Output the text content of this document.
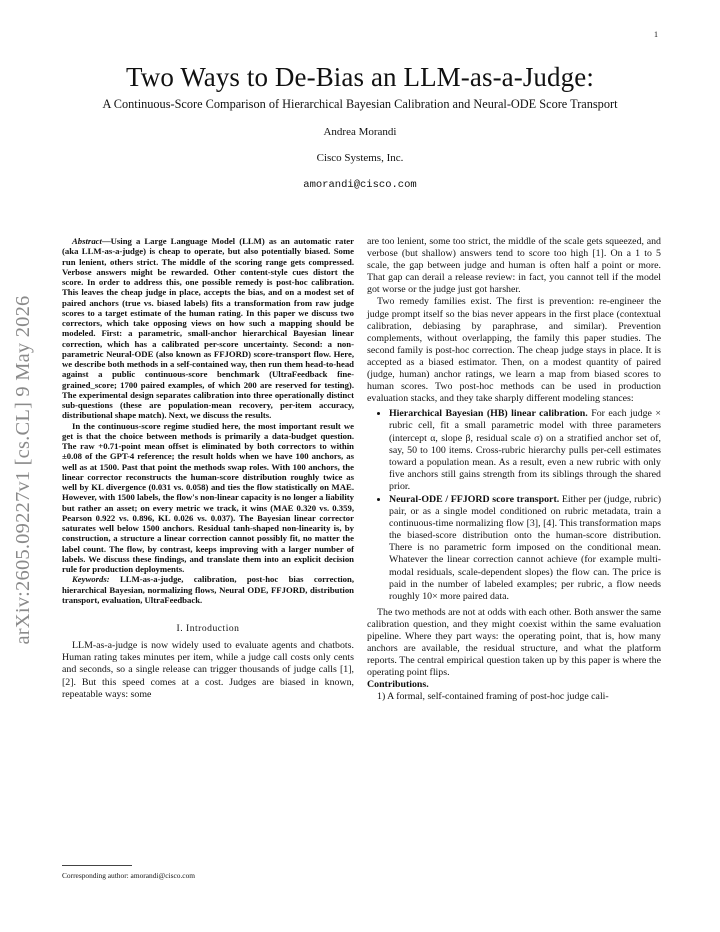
1
arXiv:2605.09227v1 [cs.CL] 9 May 2026
Two Ways to De-Bias an LLM-as-a-Judge:
A Continuous-Score Comparison of Hierarchical Bayesian Calibration and Neural-ODE Score Transport
Andrea Morandi
Cisco Systems, Inc.
amorandi@cisco.com

Abstract—Using a Large Language Model (LLM) as an automatic rater (aka LLM-as-a-judge) is cheap to operate, but also potentially biased. Some run lenient, others strict. The middle of the scoring range gets compressed. Verbose answers might be rewarded. Other content-style cues distort the score. In order to address this, one possible remedy is post-hoc calibration. This leaves the cheap judge in place, accepts the bias, and on a modest set of paired anchors (true vs. biased labels) fits a transformation from raw judge scores to a target estimate of the human rating. In this paper we discuss two correctors, which take opposing views on how such a mapping should be modeled. First: a parametric, small-anchor hierarchical Bayesian linear correction, which has a calibrated per-score uncertainty. Second: a non-parametric Neural-ODE (also known as FFJORD) score-transport flow. Here, we describe both methods in a self-contained way, then run them head-to-head against a public continuous-score benchmark (UltraFeedback fine-grained_score; 1700 paired examples, of which 200 are reserved for testing). The experimental design separates calibration into three operationally distinct sub-questions (these are population-mean recovery, per-item accuracy, distributional shape match). Next, we discuss the results.

In the continuous-score regime studied here, the most important result we get is that the choice between methods is primarily a data-budget question. The raw +0.71-point mean offset is eliminated by both correctors to within ±0.08 of the GPT-4 reference; the result holds when we have 100 anchors, as well as at 1500. Past that point the methods swap roles. With 100 anchors, the linear corrector reconstructs the human-score distribution roughly twice as well by KL divergence (0.031 vs. 0.058) and ties the flow statistically on MAE. However, with 1500 labels, the flow's non-linear capacity is no longer a liability but rather an asset; on every metric we track, it wins (MAE 0.320 vs. 0.359, Pearson 0.922 vs. 0.896, KL 0.026 vs. 0.037). The Bayesian linear corrector saturates well below 1500 anchors. Residual tanh-shaped non-linearity is, by construction, a structure a linear correction cannot possibly fit, no matter the label count. The flow, by contrast, keeps improving with a larger number of labels. We discuss these findings, and translate them into an explicit decision rule for production deployments.

Keywords: LLM-as-a-judge, calibration, post-hoc bias correction, hierarchical Bayesian, normalizing flows, Neural ODE, FFJORD, distribution transport, evaluation, UltraFeedback.

I. Introduction

LLM-as-a-judge is now widely used to evaluate agents and chatbots. Human rating takes minutes per item, while a judge call costs only cents and seconds, so a single release can trigger thousands of judge calls [1], [2]. But this speed comes at a cost. Judges are biased in known, repeatable ways: some

are too lenient, some too strict, the middle of the scale gets squeezed, and verbose (but shallow) answers tend to score too high [1]. On a 1 to 5 scale, the gap between judge and human is often half a point or more. That gap can derail a release review: in fact, you cannot tell if the model got worse or the judge just got harsher.

Two remedy families exist. The first is prevention: re-engineer the judge prompt itself so the bias never appears in the first place (contextual calibration, debiasing by paraphrase, and similar). Prevention complements, without overlapping, the family this paper studies. The second family is post-hoc correction. The cheap judge stays in place. It is accepted as a biased estimator. Then, on a modest quantity of paired (judge, human) anchor ratings, we learn a map from biased scores to human scores. Two post-hoc methods can be used in production evaluation stacks, and they take sharply different modeling stances:

• Hierarchical Bayesian (HB) linear calibration. For each judge × rubric cell, fit a small parametric model with three parameters (intercept α, slope β, residual scale σ) on a stratified anchor set of, say, 50 to 100 items. Cross-rubric hierarchy pulls per-cell estimates toward a population mean. As a result, even a new rubric with only five anchors still gains strength from its siblings through the shared prior.
• Neural-ODE / FFJORD score transport. Either per (judge, rubric) pair, or as a single model conditioned on rubric metadata, train a continuous-time normalizing flow [3], [4]. This transformation maps the biased-score distribution onto the human-score distribution. There is no parametric form imposed on the conditional mean. Whatever the linear correction cannot achieve (for example multi-modal residuals, scale-dependent slopes) the flow can. The price is paid in the number of labeled examples; per rubric, a flow needs roughly 10× more paired data.

The two methods are not at odds with each other. Both answer the same calibration question, and they might coexist within the same evaluation pipeline. Where they part ways: the operating point, that is, how many anchors are available, the residual structure, and what the platform reports. The central empirical question taken up by this paper is where the operating point flips.

Contributions.

1) A formal, self-contained framing of post-hoc judge cali-

Corresponding author: amorandi@cisco.com
